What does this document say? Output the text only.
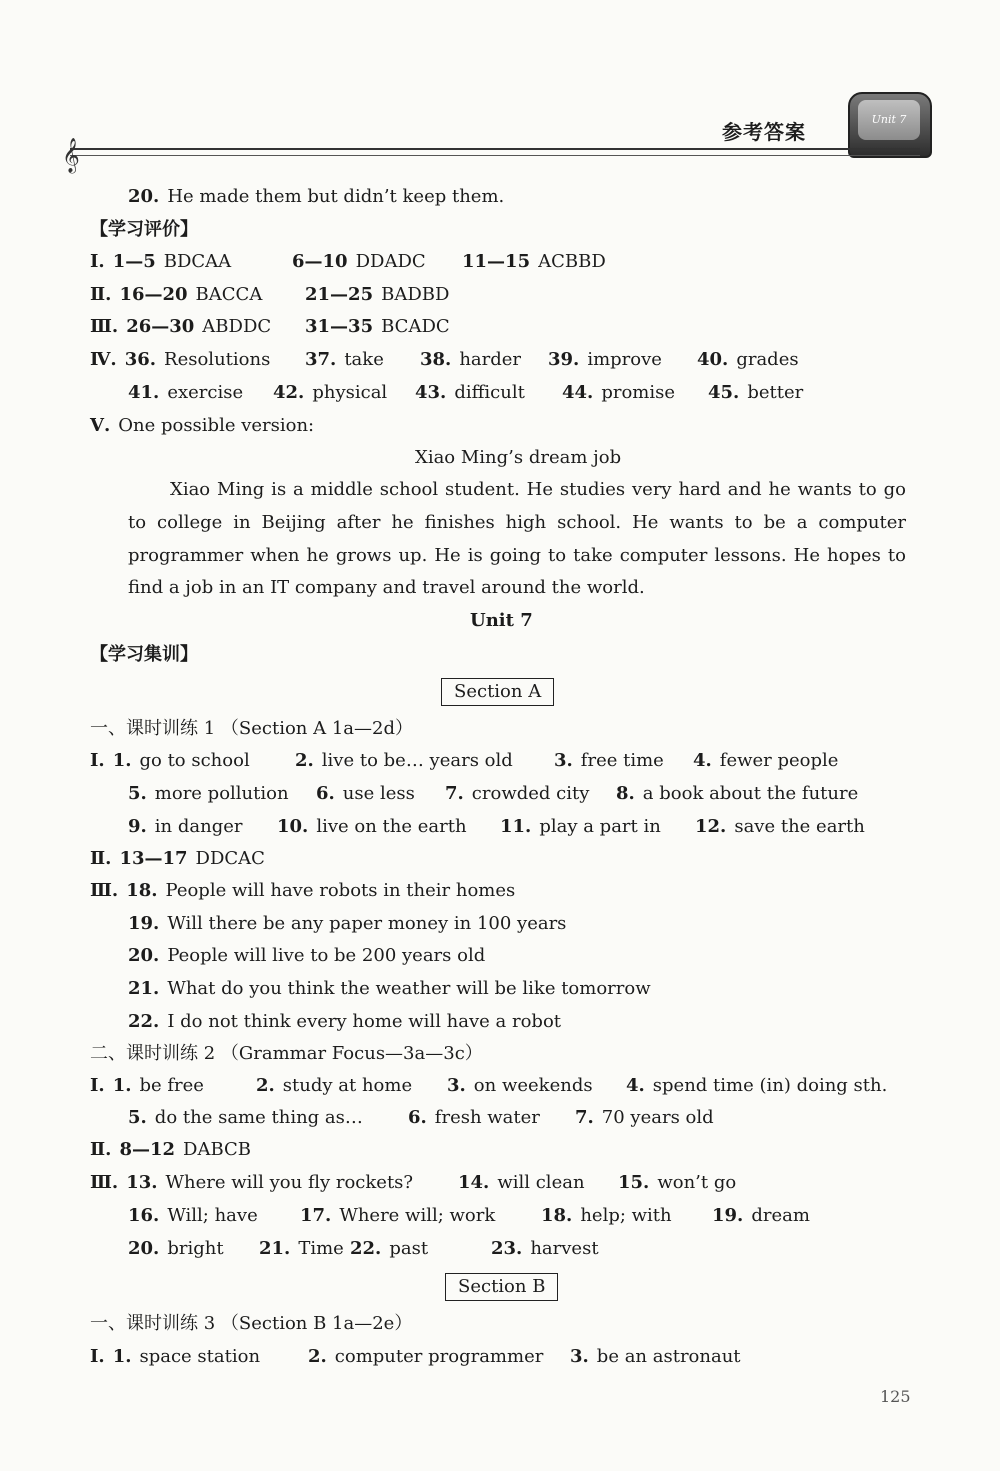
参考答案
Unit 7
𝄞
20. He made them but didn’t keep them.
【学习评价】
Ⅰ. 1—5 BDCAA	6—10 DDADC 11—15 ACBBD
Ⅱ. 16—20 BACCA 21—25 BADBD
Ⅲ. 26—30 ABDDC 31—35 BCADC
Ⅳ. 36. Resolutions 37. take 38. harder 39. improve 40. grades
41. exercise 42. physical 43. difficult 44. promise 45. better
Ⅴ. One possible version:
Xiao Ming’s dream job
Unit 7
【学习集训】
一、课时训练 1 （Section A 1a—2d）
Ⅰ. 1. go to school	2. live to be… years old 3. free time 4. fewer people
5. more pollution 6. use less 7. crowded city 8. a book about the future
9. in danger 10. live on the earth 11. play a part in 12. save the earth
Ⅱ. 13—17 DDCAC
Ⅲ. 18. People will have robots in their homes
19. Will there be any paper money in 100 years
20. People will live to be 200 years old
21. What do you think the weather will be like tomorrow
22. I do not think every home will have a robot
二、课时训练 2 （Grammar Focus—3a—3c）
Ⅰ. 1. be free	2. study at home 3. on weekends 4. spend time (in) doing sth.
5. do the same thing as…	6. fresh water 7. 70 years old
Ⅱ. 8—12 DABCB
Ⅲ. 13. Where will you fly rockets? 14. will clean 15. won’t go
16. Will; have 17. Where will; work	18. help; with 19. dream
20. bright 21. Time 22. past	23. harvest
一、课时训练 3 （Section B 1a—2e）
Ⅰ. 1. space station	2. computer programmer 3. be an astronaut
Xiao Ming is a middle school student. He studies very hard and he wants to go to college in Beijing after he finishes high school. He wants to be a computer programmer when he grows up. He is going to take computer lessons. He hopes to find a job in an IT company and travel around the world.
Section A
Section B
125
